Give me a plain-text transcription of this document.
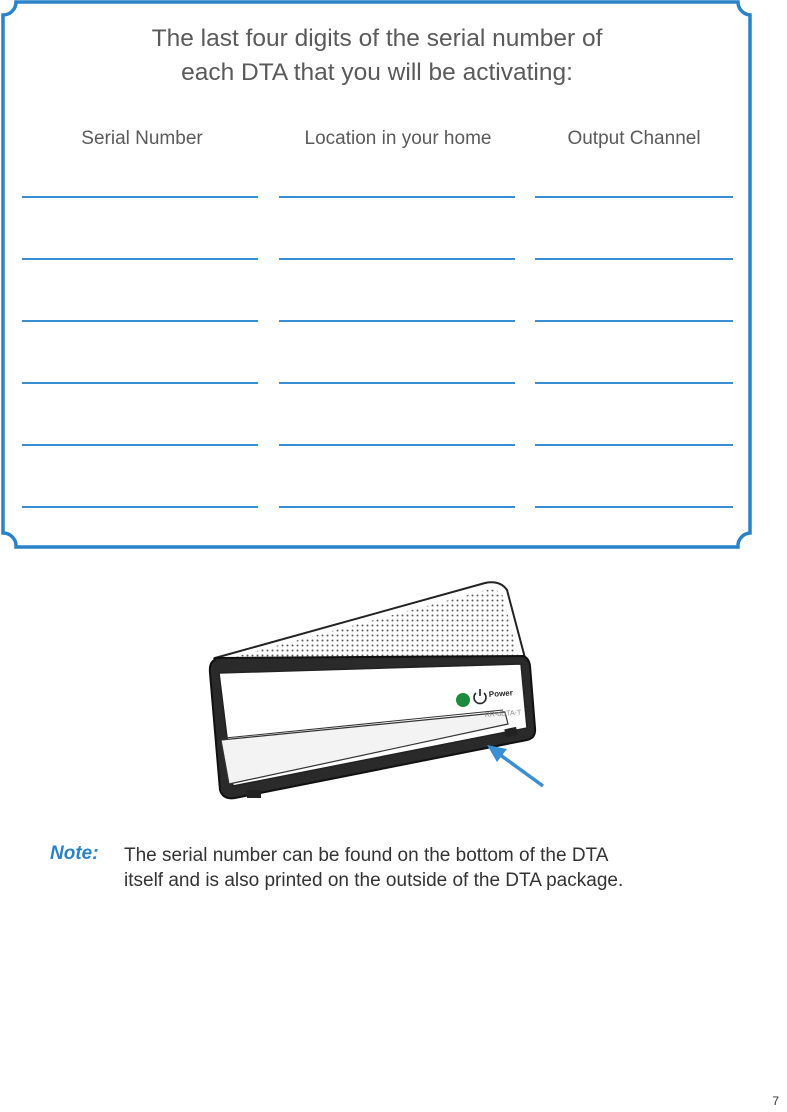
The last four digits of the serial number of
each DTA that you will be activating:
Serial Number	Location in your home	Output Channel
Power
RR-dDTA-T
Note: The serial number can be found on the bottom of the DTA
itself and is also printed on the outside of the DTA package.
7
